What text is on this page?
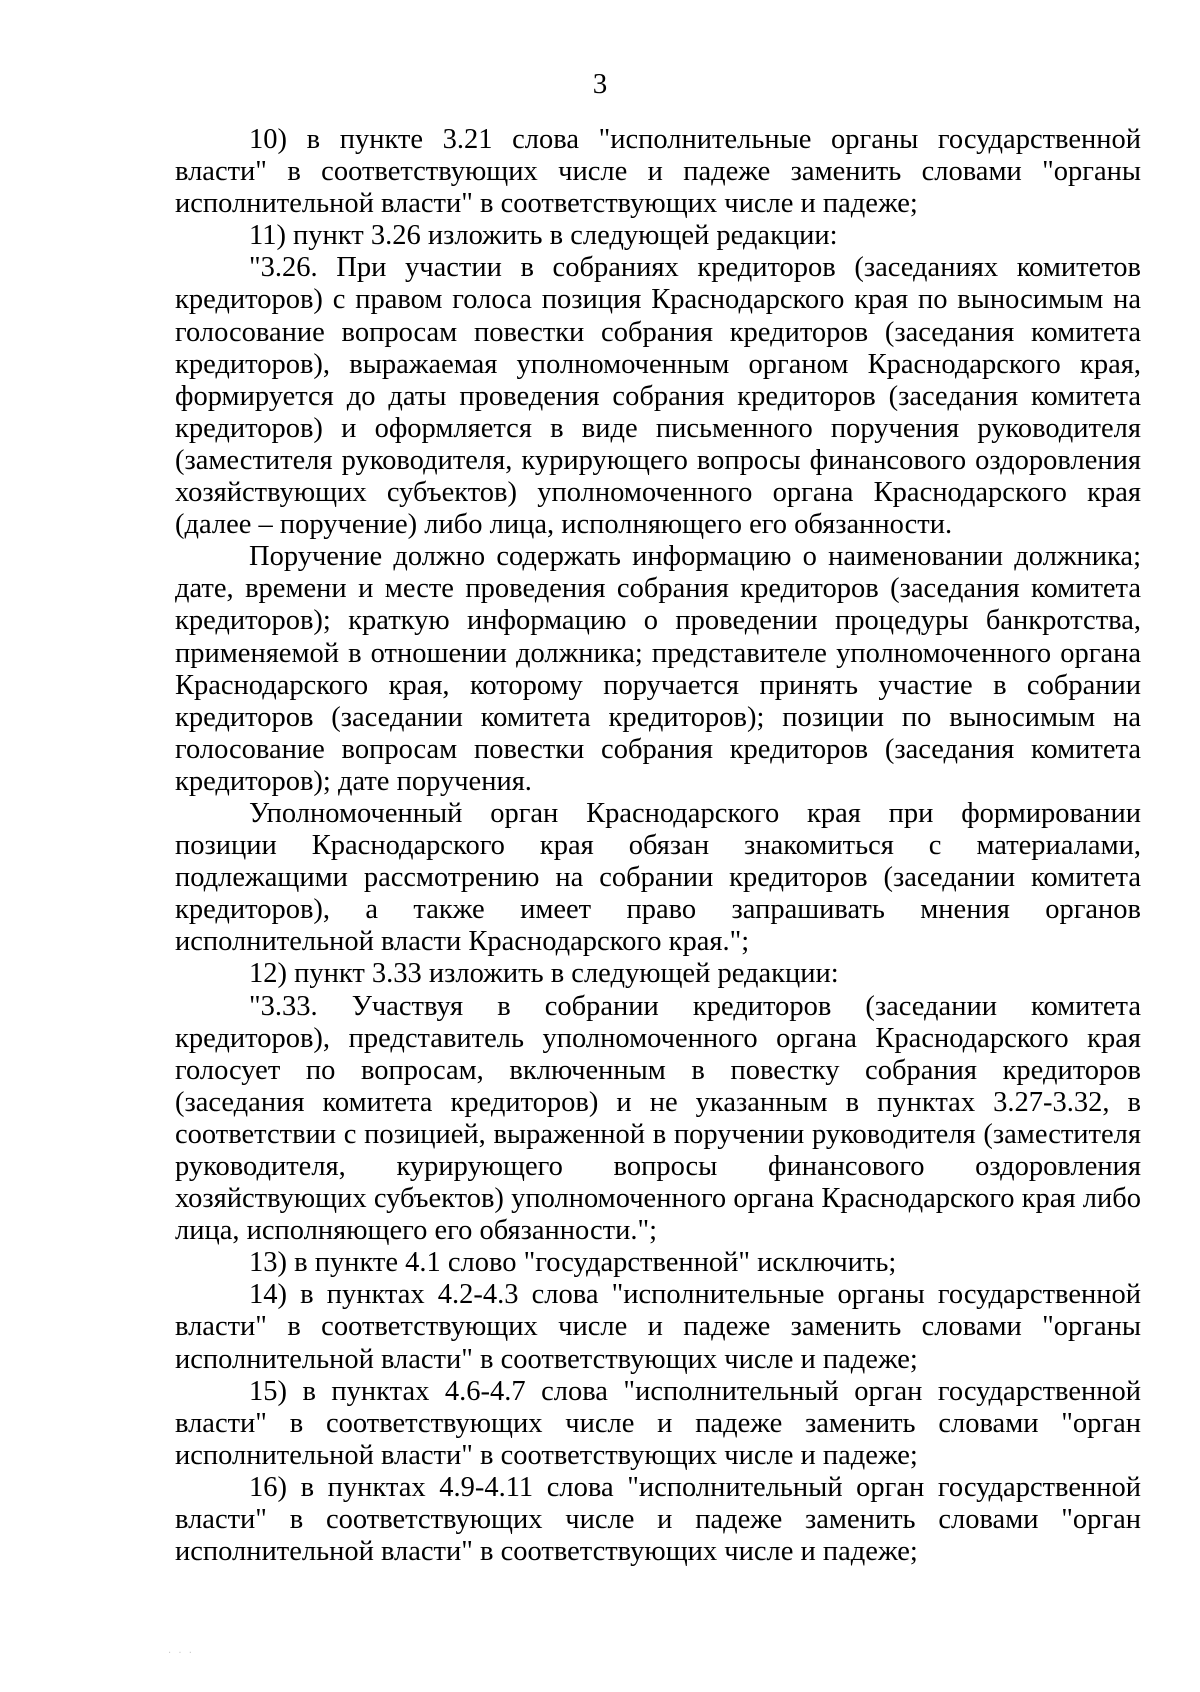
3

10) в пункте 3.21 слова "исполнительные органы государственной власти" в соответствующих числе и падеже заменить словами "органы исполнительной власти" в соответствующих числе и падеже;

11) пункт 3.26 изложить в следующей редакции:

"3.26. При участии в собраниях кредиторов (заседаниях комитетов кредиторов) с правом голоса позиция Краснодарского края по выносимым на голосование вопросам повестки собрания кредиторов (заседания комитета кредиторов), выражаемая уполномоченным органом Краснодарского края, формируется до даты проведения собрания кредиторов (заседания комитета кредиторов) и оформляется в виде письменного поручения руководителя (заместителя руководителя, курирующего вопросы финансового оздоровления хозяйствующих субъектов) уполномоченного органа Краснодарского края (далее – поручение) либо лица, исполняющего его обязанности.

Поручение должно содержать информацию о наименовании должника; дате, времени и месте проведения собрания кредиторов (заседания комитета кредиторов); краткую информацию о проведении процедуры банкротства, применяемой в отношении должника; представителе уполномоченного органа Краснодарского края, которому поручается принять участие в собрании кредиторов (заседании комитета кредиторов); позиции по выносимым на голосование вопросам повестки собрания кредиторов (заседания комитета кредиторов); дате поручения.

Уполномоченный орган Краснодарского края при формировании позиции Краснодарского края обязан знакомиться с материалами, подлежащими рассмотрению на собрании кредиторов (заседании комитета кредиторов), а также имеет право запрашивать мнения органов исполнительной власти Краснодарского края.";

12) пункт 3.33 изложить в следующей редакции:

"3.33. Участвуя в собрании кредиторов (заседании комитета кредиторов), представитель уполномоченного органа Краснодарского края голосует по вопросам, включенным в повестку собрания кредиторов (заседания комитета кредиторов) и не указанным в пунктах 3.27-3.32, в соответствии с позицией, выраженной в поручении руководителя (заместителя руководителя, курирующего вопросы финансового оздоровления хозяйствующих субъектов) уполномоченного органа Краснодарского края либо лица, исполняющего его обязанности.";

13) в пункте 4.1 слово "государственной" исключить;

14) в пунктах 4.2-4.3 слова "исполнительные органы государственной власти" в соответствующих числе и падеже заменить словами "органы исполнительной власти" в соответствующих числе и падеже;

15) в пунктах 4.6-4.7 слова "исполнительный орган государственной власти" в соответствующих числе и падеже заменить словами "орган исполнительной власти" в соответствующих числе и падеже;

16) в пунктах 4.9-4.11 слова "исполнительный орган государственной власти" в соответствующих числе и падеже заменить словами "орган исполнительной власти" в соответствующих числе и падеже;

· · ·
